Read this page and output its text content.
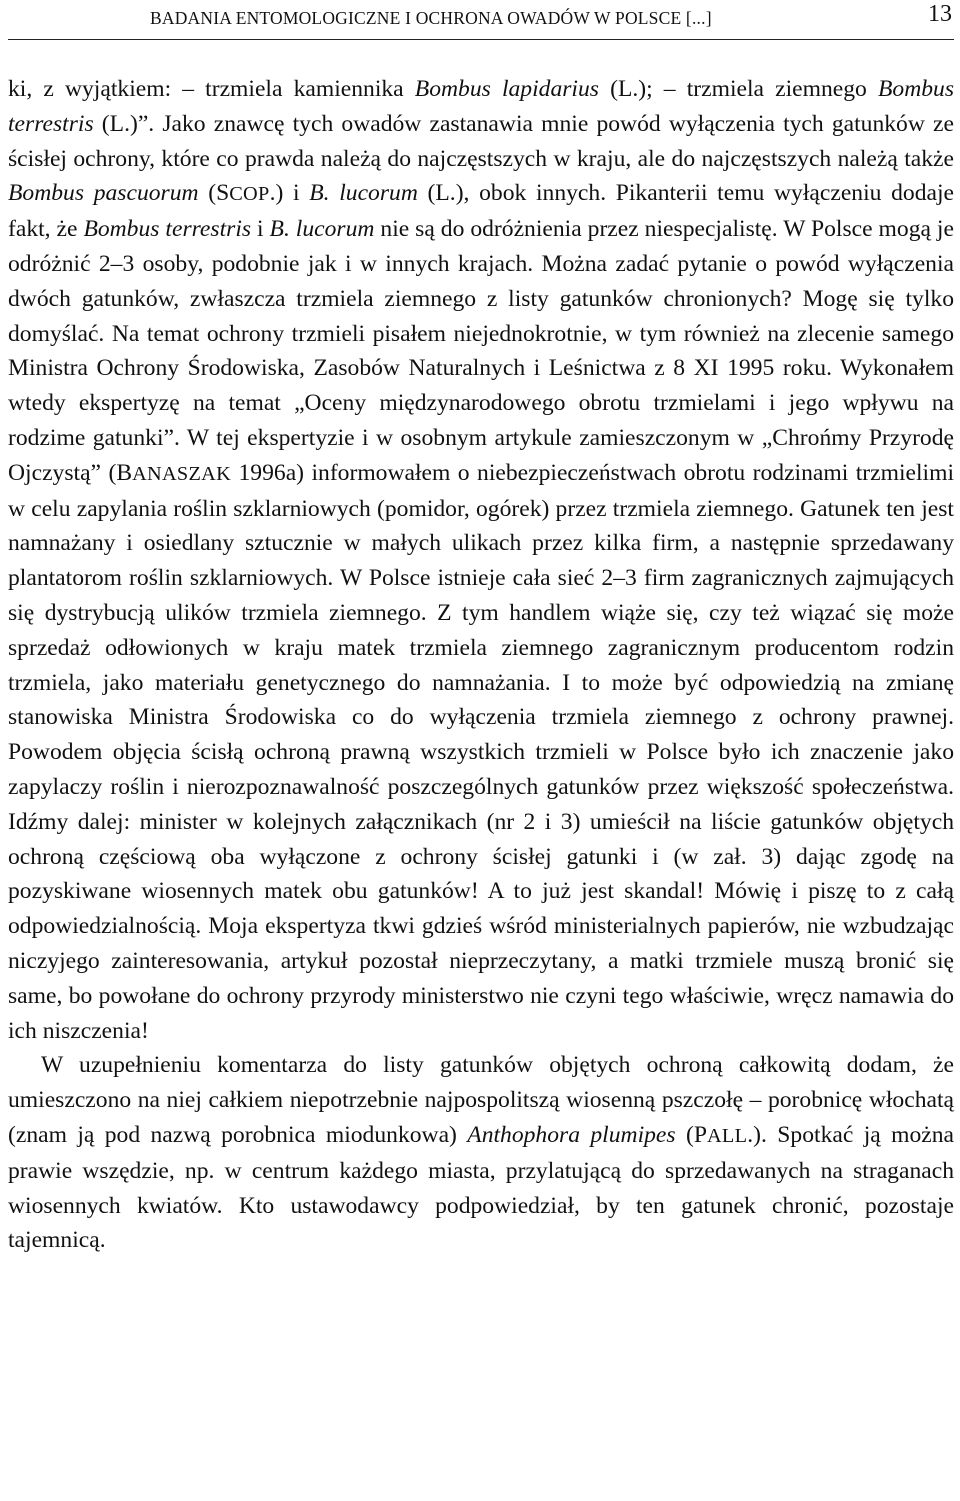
BADANIA ENTOMOLOGICZNE I OCHRONA OWADÓW W POLSCE [...]	13

ki, z wyjątkiem: – trzmiela kamiennika Bombus lapidarius (L.); – trzmiela ziemnego Bombus terrestris (L.)”. Jako znawcę tych owadów zastanawia mnie powód wyłączenia tych gatunków ze ścisłej ochrony, które co prawda należą do najczęstszych w kraju, ale do najczęstszych należą także Bombus pascuorum (SCOP.) i B. lucorum (L.), obok innych. Pikanterii temu wyłączeniu dodaje fakt, że Bombus terrestris i B. lucorum nie są do odróżnienia przez niespecjalistę. W Polsce mogą je odróżnić 2–3 osoby, podobnie jak i w innych krajach. Można zadać pytanie o powód wyłączenia dwóch gatunków, zwłaszcza trzmiela ziemnego z listy gatunków chronionych? Mogę się tylko domyślać. Na temat ochrony trzmieli pisałem niejednokrotnie, w tym również na zlecenie samego Ministra Ochrony Środowiska, Zasobów Naturalnych i Leśnictwa z 8 XI 1995 roku. Wykonałem wtedy ekspertyzę na temat „Oceny międzynarodowego obrotu trzmielami i jego wpływu na rodzime gatunki”. W tej ekspertyzie i w osobnym artykule zamieszczonym w „Chrońmy Przyrodę Ojczystą” (BANASZAK 1996a) informowałem o niebezpieczeństwach obrotu rodzinami trzmielimi w celu zapylania roślin szklarniowych (pomidor, ogórek) przez trzmiela ziemnego. Gatunek ten jest namnażany i osiedlany sztucznie w małych ulikach przez kilka firm, a następnie sprzedawany plantatorom roślin szklarniowych. W Polsce istnieje cała sieć 2–3 firm zagranicznych zajmujących się dystrybucją ulików trzmiela ziemnego. Z tym handlem wiąże się, czy też wiązać się może sprzedaż odłowionych w kraju matek trzmiela ziemnego zagranicznym producentom rodzin trzmiela, jako materiału genetycznego do namnażania. I to może być odpowiedzią na zmianę stanowiska Ministra Środowiska co do wyłączenia trzmiela ziemnego z ochrony prawnej. Powodem objęcia ścisłą ochroną prawną wszystkich trzmieli w Polsce było ich znaczenie jako zapylaczy roślin i nierozpoznawalność poszczególnych gatunków przez większość społeczeństwa. Idźmy dalej: minister w kolejnych załącznikach (nr 2 i 3) umieścił na liście gatunków objętych ochroną częściową oba wyłączone z ochrony ścisłej gatunki i (w zał. 3) dając zgodę na pozyskiwane wiosennych matek obu gatunków! A to już jest skandal! Mówię i piszę to z całą odpowiedzialnością. Moja ekspertyza tkwi gdzieś wśród ministerialnych papierów, nie wzbudzając niczyjego zainteresowania, artykuł pozostał nieprzeczytany, a matki trzmiele muszą bronić się same, bo powołane do ochrony przyrody ministerstwo nie czyni tego właściwie, wręcz namawia do ich niszczenia!

W uzupełnieniu komentarza do listy gatunków objętych ochroną całkowitą dodam, że umieszczono na niej całkiem niepotrzebnie najpospolitszą wiosenną pszczołę – porobnicę włochatą (znam ją pod nazwą porobnica miodunkowa) Anthophora plumipes (PALL.). Spotkać ją można prawie wszędzie, np. w centrum każdego miasta, przylatującą do sprzedawanych na straganach wiosennych kwiatów. Kto ustawodawcy podpowiedział, by ten gatunek chronić, pozostaje tajemnicą.
